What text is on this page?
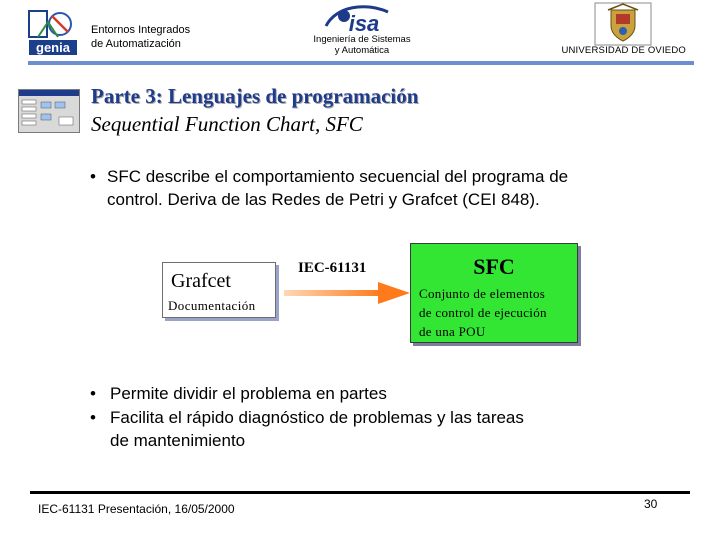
genia
Entornos Integrados
de Automatización
isa
Ingeniería de Sistemas
y Automática	UNIVERSIDAD DE OVIEDO
Parte 3: Lenguajes de programación
Sequential Function Chart, SFC
• SFC describe el comportamiento secuencial del programa de
control. Deriva de las Redes de Petri y Grafcet (CEI 848).
Grafcet
Documentación
IEC-61131	SFC
Conjunto de elementos
de control de ejecución
de una POU
• Permite dividir el problema en partes
• Facilita el rápido diagnóstico de problemas y las tareas
de mantenimiento
IEC-61131 Presentación, 16/05/2000	30
